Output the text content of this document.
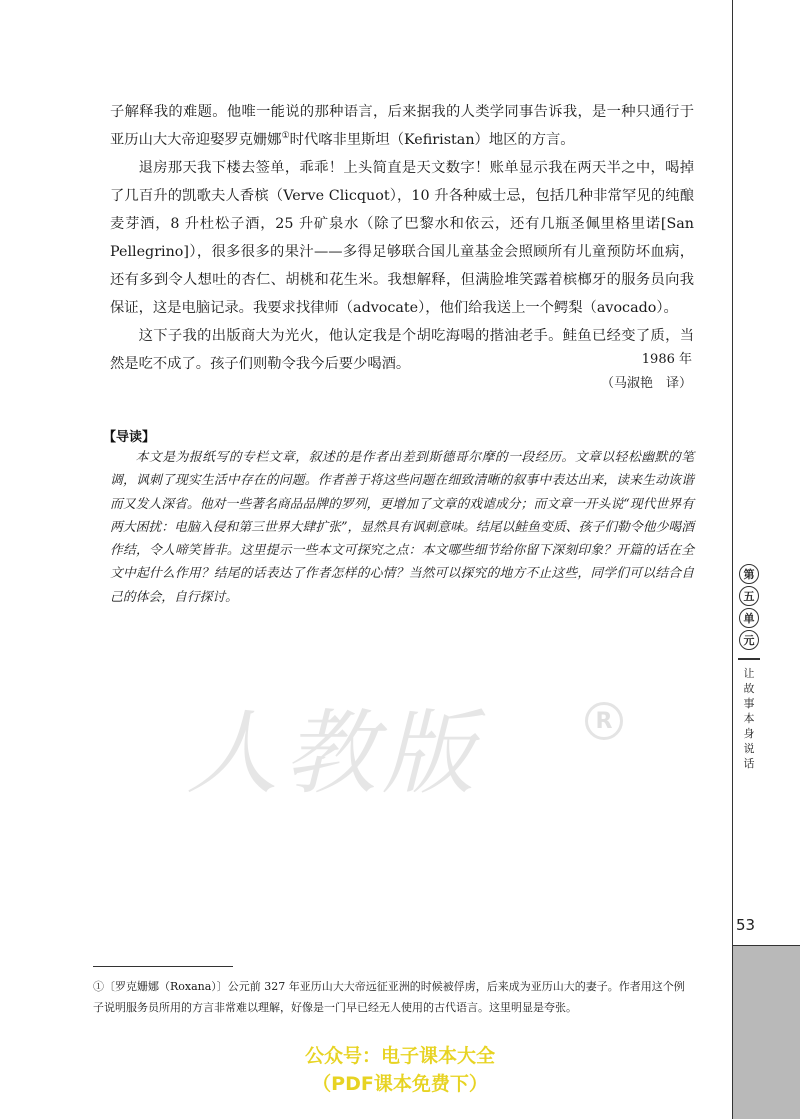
第
五
单
元
让故事本身说话
53

子解释我的难题。他唯一能说的那种语言，后来据我的人类学同事告诉我，是一种只通行于亚历山大大帝迎娶罗克姗娜①时代喀非里斯坦（Kefiristan）地区的方言。

退房那天我下楼去签单，乖乖！上头简直是天文数字！账单显示我在两天半之中，喝掉了几百升的凯歌夫人香槟（Verve Clicquot），10 升各种威士忌，包括几种非常罕见的纯酿麦芽酒，8 升杜松子酒，25 升矿泉水（除了巴黎水和依云，还有几瓶圣佩里格里诺[San Pellegrino]），很多很多的果汁——多得足够联合国儿童基金会照顾所有儿童预防坏血病，还有多到令人想吐的杏仁、胡桃和花生米。我想解释，但满脸堆笑露着槟榔牙的服务员向我保证，这是电脑记录。我要求找律师（advocate），他们给我送上一个鳄梨（avocado）。

这下子我的出版商大为光火，他认定我是个胡吃海喝的揩油老手。鲑鱼已经变了质，当然是吃不成了。孩子们则勒令我今后要少喝酒。	1986 年
（马淑艳　译）
【导读】

本文是为报纸写的专栏文章，叙述的是作者出差到斯德哥尔摩的一段经历。文章以轻松幽默的笔调，讽刺了现实生活中存在的问题。作者善于将这些问题在细致清晰的叙事中表达出来，读来生动诙谐而又发人深省。他对一些著名商品品牌的罗列，更增加了文章的戏谑成分；而文章一开头说“现代世界有两大困扰：电脑入侵和第三世界大肆扩张”，显然具有讽刺意味。结尾以鲑鱼变质、孩子们勒令他少喝酒作结，令人啼笑皆非。这里提示一些本文可探究之点：本文哪些细节给你留下深刻印象？开篇的话在全文中起什么作用？结尾的话表达了作者怎样的心情？当然可以探究的地方不止这些，同学们可以结合自己的体会，自行探讨。

人教版	R

①〔罗克姗娜（Roxana）〕公元前 327 年亚历山大大帝远征亚洲的时候被俘虏，后来成为亚历山大的妻子。作者用这个例子说明服务员所用的方言非常难以理解，好像是一门早已经无人使用的古代语言。这里明显是夸张。

公众号：电子课本大全
（PDF课本免费下）
